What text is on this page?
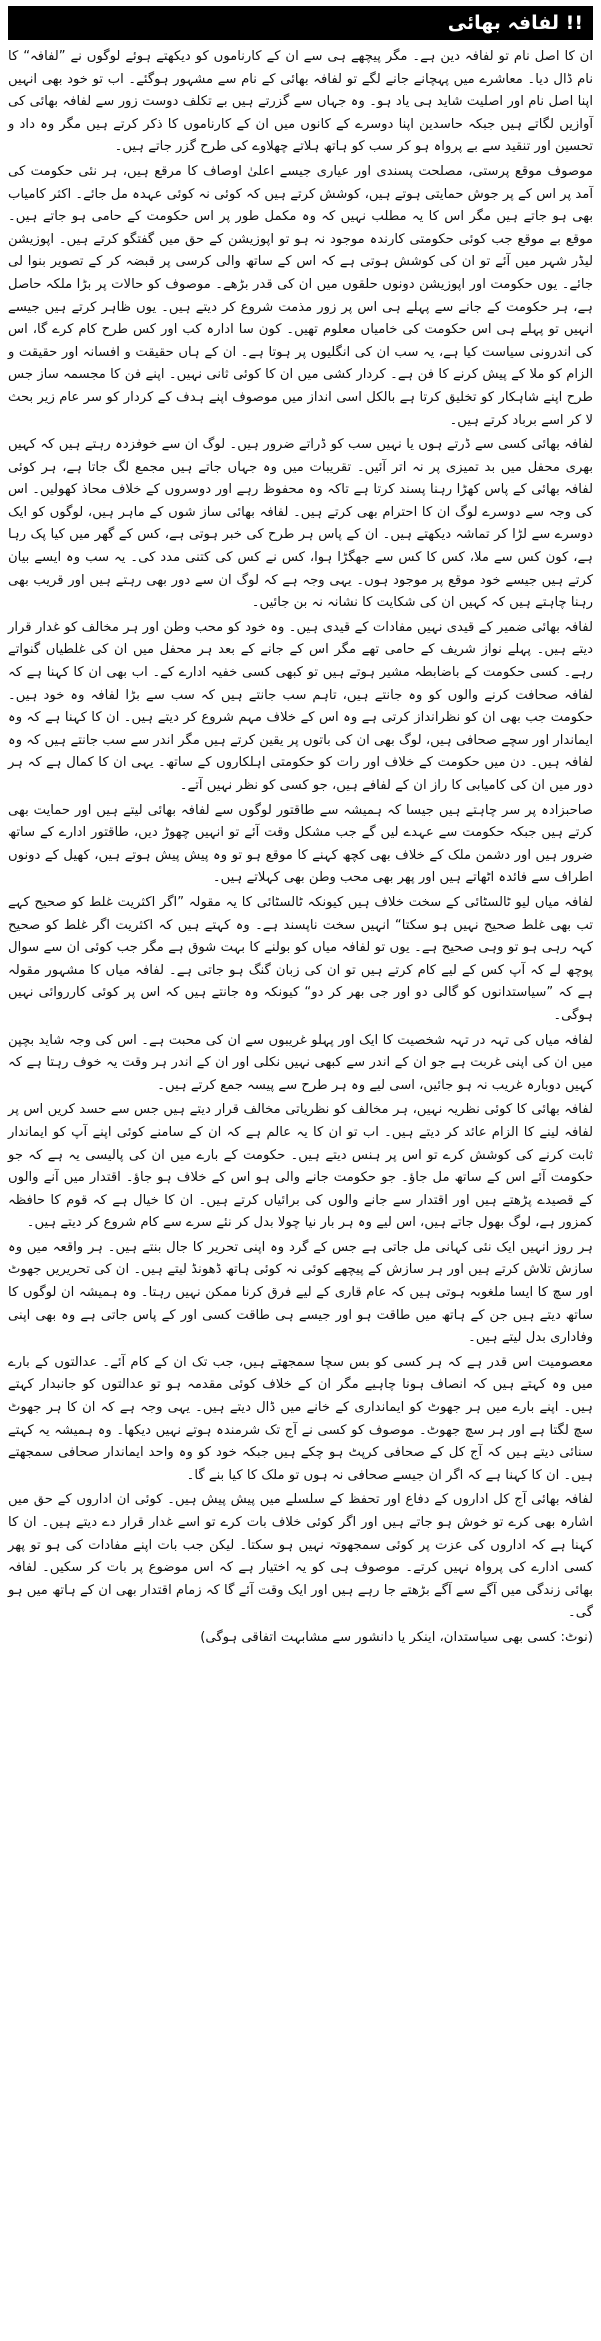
!! لفافہ بھائی

ان کا اصل نام تو لفافہ دین ہے۔ مگر پیچھے ہی سے ان کے کارناموں کو دیکھتے ہوئے لوگوں نے ”لفافہ“ کا نام ڈال دیا۔ معاشرے میں پہچانے جانے لگے تو لفافہ بھائی کے نام سے مشہور ہوگئے۔ اب تو خود بھی انہیں اپنا اصل نام اور اصلیت شاید ہی یاد ہو۔ وہ جہاں سے گزرتے ہیں بے تکلف دوست زور سے لفافہ بھائی کی آوازیں لگاتے ہیں جبکہ حاسدین اپنا دوسرے کے کانوں میں ان کے کارناموں کا ذکر کرتے ہیں مگر وہ داد و تحسین اور تنقید سے بے پرواہ ہو کر سب کو ہاتھ ہلاتے چھلاوے کی طرح گزر جاتے ہیں۔

موصوف موقع پرستی، مصلحت پسندی اور عیاری جیسے اعلیٰ اوصاف کا مرقع ہیں، ہر نئی حکومت کی آمد پر اس کے پر جوش حمایتی ہوتے ہیں، کوشش کرتے ہیں کہ کوئی نہ کوئی عہدہ مل جائے۔ اکثر کامیاب بھی ہو جاتے ہیں مگر اس کا یہ مطلب نہیں کہ وہ مکمل طور پر اس حکومت کے حامی ہو جاتے ہیں۔ موقع بے موقع جب کوئی حکومتی کارندہ موجود نہ ہو تو اپوزیشن کے حق میں گفتگو کرتے ہیں۔ اپوزیشن لیڈر شہر میں آئے تو ان کی کوشش ہوتی ہے کہ اس کے ساتھ والی کرسی پر قبضہ کر کے تصویر بنوا لی جائے۔ یوں حکومت اور اپوزیشن دونوں حلقوں میں ان کی قدر بڑھے۔ موصوف کو حالات پر بڑا ملکہ حاصل ہے، ہر حکومت کے جانے سے پہلے ہی اس پر زور مذمت شروع کر دیتے ہیں۔ یوں ظاہر کرتے ہیں جیسے انہیں تو پہلے ہی اس حکومت کی خامیاں معلوم تھیں۔ کون سا ادارہ کب اور کس طرح کام کرے گا، اس کی اندرونی سیاست کیا ہے، یہ سب ان کی انگلیوں پر ہوتا ہے۔ ان کے ہاں حقیقت و افسانہ اور حقیقت و الزام کو ملا کے پیش کرنے کا فن ہے۔ کردار کشی میں ان کا کوئی ثانی نہیں۔ اپنے فن کا مجسمہ ساز جس طرح اپنے شاہکار کو تخلیق کرتا ہے بالکل اسی انداز میں موصوف اپنے ہدف کے کردار کو سر عام زیر بحث لا کر اسے برباد کرتے ہیں۔

لفافہ بھائی کسی سے ڈرتے ہوں یا نہیں سب کو ڈراتے ضرور ہیں۔ لوگ ان سے خوفزدہ رہتے ہیں کہ کہیں بھری محفل میں بد تمیزی پر نہ اتر آئیں۔ تقریبات میں وہ جہاں جاتے ہیں مجمع لگ جاتا ہے، ہر کوئی لفافہ بھائی کے پاس کھڑا رہنا پسند کرتا ہے تاکہ وہ محفوظ رہے اور دوسروں کے خلاف محاذ کھولیں۔ اس کی وجہ سے دوسرے لوگ ان کا احترام بھی کرتے ہیں۔ لفافہ بھائی ساز شوں کے ماہر ہیں، لوگوں کو ایک دوسرے سے لڑا کر تماشہ دیکھتے ہیں۔ ان کے پاس ہر طرح کی خبر ہوتی ہے، کس کے گھر میں کیا پک رہا ہے، کون کس سے ملا، کس کا کس سے جھگڑا ہوا، کس نے کس کی کتنی مدد کی۔ یہ سب وہ ایسے بیان کرتے ہیں جیسے خود موقع پر موجود ہوں۔ یہی وجہ ہے کہ لوگ ان سے دور بھی رہتے ہیں اور قریب بھی رہنا چاہتے ہیں کہ کہیں ان کی شکایت کا نشانہ نہ بن جائیں۔

لفافہ بھائی ضمیر کے قیدی نہیں مفادات کے قیدی ہیں۔ وہ خود کو محب وطن اور ہر مخالف کو غدار قرار دیتے ہیں۔ پہلے نواز شریف کے حامی تھے مگر اس کے جانے کے بعد ہر محفل میں ان کی غلطیاں گنواتے رہے۔ کسی حکومت کے باضابطہ مشیر ہوتے ہیں تو کبھی کسی خفیہ ادارے کے۔ اب بھی ان کا کہنا ہے کہ لفافہ صحافت کرنے والوں کو وہ جانتے ہیں، تاہم سب جانتے ہیں کہ سب سے بڑا لفافہ وہ خود ہیں۔ حکومت جب بھی ان کو نظرانداز کرتی ہے وہ اس کے خلاف مہم شروع کر دیتے ہیں۔ ان کا کہنا ہے کہ وہ ایماندار اور سچے صحافی ہیں، لوگ بھی ان کی باتوں پر یقین کرتے ہیں مگر اندر سے سب جانتے ہیں کہ وہ لفافہ ہیں۔ دن میں حکومت کے خلاف اور رات کو حکومتی اہلکاروں کے ساتھ۔ یہی ان کا کمال ہے کہ ہر دور میں ان کی کامیابی کا راز ان کے لفافے ہیں، جو کسی کو نظر نہیں آتے۔

صاحبزادہ پر سر چاہتے ہیں جیسا کہ ہمیشہ سے طاقتور لوگوں سے لفافہ بھائی لیتے ہیں اور حمایت بھی کرتے ہیں جبکہ حکومت سے عہدے لیں گے جب مشکل وقت آئے تو انہیں چھوڑ دیں، طاقتور ادارے کے ساتھ ضرور ہیں اور دشمن ملک کے خلاف بھی کچھ کہنے کا موقع ہو تو وہ پیش پیش ہوتے ہیں، کھیل کے دونوں اطراف سے فائدہ اٹھاتے ہیں اور پھر بھی محب وطن بھی کہلاتے ہیں۔

لفافہ میاں لیو ٹالسٹائی کے سخت خلاف ہیں کیونکہ ٹالسٹائی کا یہ مقولہ ”اگر اکثریت غلط کو صحیح کہے تب بھی غلط صحیح نہیں ہو سکتا“ انہیں سخت ناپسند ہے۔ وہ کہتے ہیں کہ اکثریت اگر غلط کو صحیح کہہ رہی ہو تو وہی صحیح ہے۔ یوں تو لفافہ میاں کو بولنے کا بہت شوق ہے مگر جب کوئی ان سے سوال پوچھ لے کہ آپ کس کے لیے کام کرتے ہیں تو ان کی زبان گنگ ہو جاتی ہے۔ لفافہ میاں کا مشہور مقولہ ہے کہ ”سیاستدانوں کو گالی دو اور جی بھر کر دو“ کیونکہ وہ جانتے ہیں کہ اس پر کوئی کارروائی نہیں ہوگی۔

لفافہ میاں کی تہہ در تہہ شخصیت کا ایک اور پہلو غریبوں سے ان کی محبت ہے۔ اس کی وجہ شاید بچپن میں ان کی اپنی غربت ہے جو ان کے اندر سے کبھی نہیں نکلی اور ان کے اندر ہر وقت یہ خوف رہتا ہے کہ کہیں دوبارہ غریب نہ ہو جائیں، اسی لیے وہ ہر طرح سے پیسہ جمع کرتے ہیں۔

لفافہ بھائی کا کوئی نظریہ نہیں، ہر مخالف کو نظریاتی مخالف قرار دیتے ہیں جس سے حسد کریں اس پر لفافہ لینے کا الزام عائد کر دیتے ہیں۔ اب تو ان کا یہ عالم ہے کہ ان کے سامنے کوئی اپنے آپ کو ایماندار ثابت کرنے کی کوشش کرے تو اس پر ہنس دیتے ہیں۔ حکومت کے بارے میں ان کی پالیسی یہ ہے کہ جو حکومت آئے اس کے ساتھ مل جاؤ۔ جو حکومت جانے والی ہو اس کے خلاف ہو جاؤ۔ اقتدار میں آنے والوں کے قصیدے پڑھتے ہیں اور اقتدار سے جانے والوں کی برائیاں کرتے ہیں۔ ان کا خیال ہے کہ قوم کا حافظہ کمزور ہے، لوگ بھول جاتے ہیں، اس لیے وہ ہر بار نیا چولا بدل کر نئے سرے سے کام شروع کر دیتے ہیں۔

ہر روز انہیں ایک نئی کہانی مل جاتی ہے جس کے گرد وہ اپنی تحریر کا جال بنتے ہیں۔ ہر واقعہ میں وہ سازش تلاش کرتے ہیں اور ہر سازش کے پیچھے کوئی نہ کوئی ہاتھ ڈھونڈ لیتے ہیں۔ ان کی تحریریں جھوٹ اور سچ کا ایسا ملغوبہ ہوتی ہیں کہ عام قاری کے لیے فرق کرنا ممکن نہیں رہتا۔ وہ ہمیشہ ان لوگوں کا ساتھ دیتے ہیں جن کے ہاتھ میں طاقت ہو اور جیسے ہی طاقت کسی اور کے پاس جاتی ہے وہ بھی اپنی وفاداری بدل لیتے ہیں۔

معصومیت اس قدر ہے کہ ہر کسی کو بس سچا سمجھتے ہیں، جب تک ان کے کام آئے۔ عدالتوں کے بارے میں وہ کہتے ہیں کہ انصاف ہونا چاہیے مگر ان کے خلاف کوئی مقدمہ ہو تو عدالتوں کو جانبدار کہتے ہیں۔ اپنے بارے میں ہر جھوٹ کو ایمانداری کے خانے میں ڈال دیتے ہیں۔ یہی وجہ ہے کہ ان کا ہر جھوٹ سچ لگتا ہے اور ہر سچ جھوٹ۔ موصوف کو کسی نے آج تک شرمندہ ہوتے نہیں دیکھا۔ وہ ہمیشہ یہ کہتے سنائی دیتے ہیں کہ آج کل کے صحافی کرپٹ ہو چکے ہیں جبکہ خود کو وہ واحد ایماندار صحافی سمجھتے ہیں۔ ان کا کہنا ہے کہ اگر ان جیسے صحافی نہ ہوں تو ملک کا کیا بنے گا۔

لفافہ بھائی آج کل اداروں کے دفاع اور تحفظ کے سلسلے میں پیش پیش ہیں۔ کوئی ان اداروں کے حق میں اشارہ بھی کرے تو خوش ہو جاتے ہیں اور اگر کوئی خلاف بات کرے تو اسے غدار قرار دے دیتے ہیں۔ ان کا کہنا ہے کہ اداروں کی عزت پر کوئی سمجھوتہ نہیں ہو سکتا۔ لیکن جب بات اپنے مفادات کی ہو تو پھر کسی ادارے کی پرواہ نہیں کرتے۔ موصوف ہی کو یہ اختیار ہے کہ اس موضوع پر بات کر سکیں۔ لفافہ بھائی زندگی میں آگے سے آگے بڑھتے جا رہے ہیں اور ایک وقت آئے گا کہ زمام اقتدار بھی ان کے ہاتھ میں ہو گی۔

(نوٹ: کسی بھی سیاستدان، اینکر یا دانشور سے مشابہت اتفاقی ہوگی)
